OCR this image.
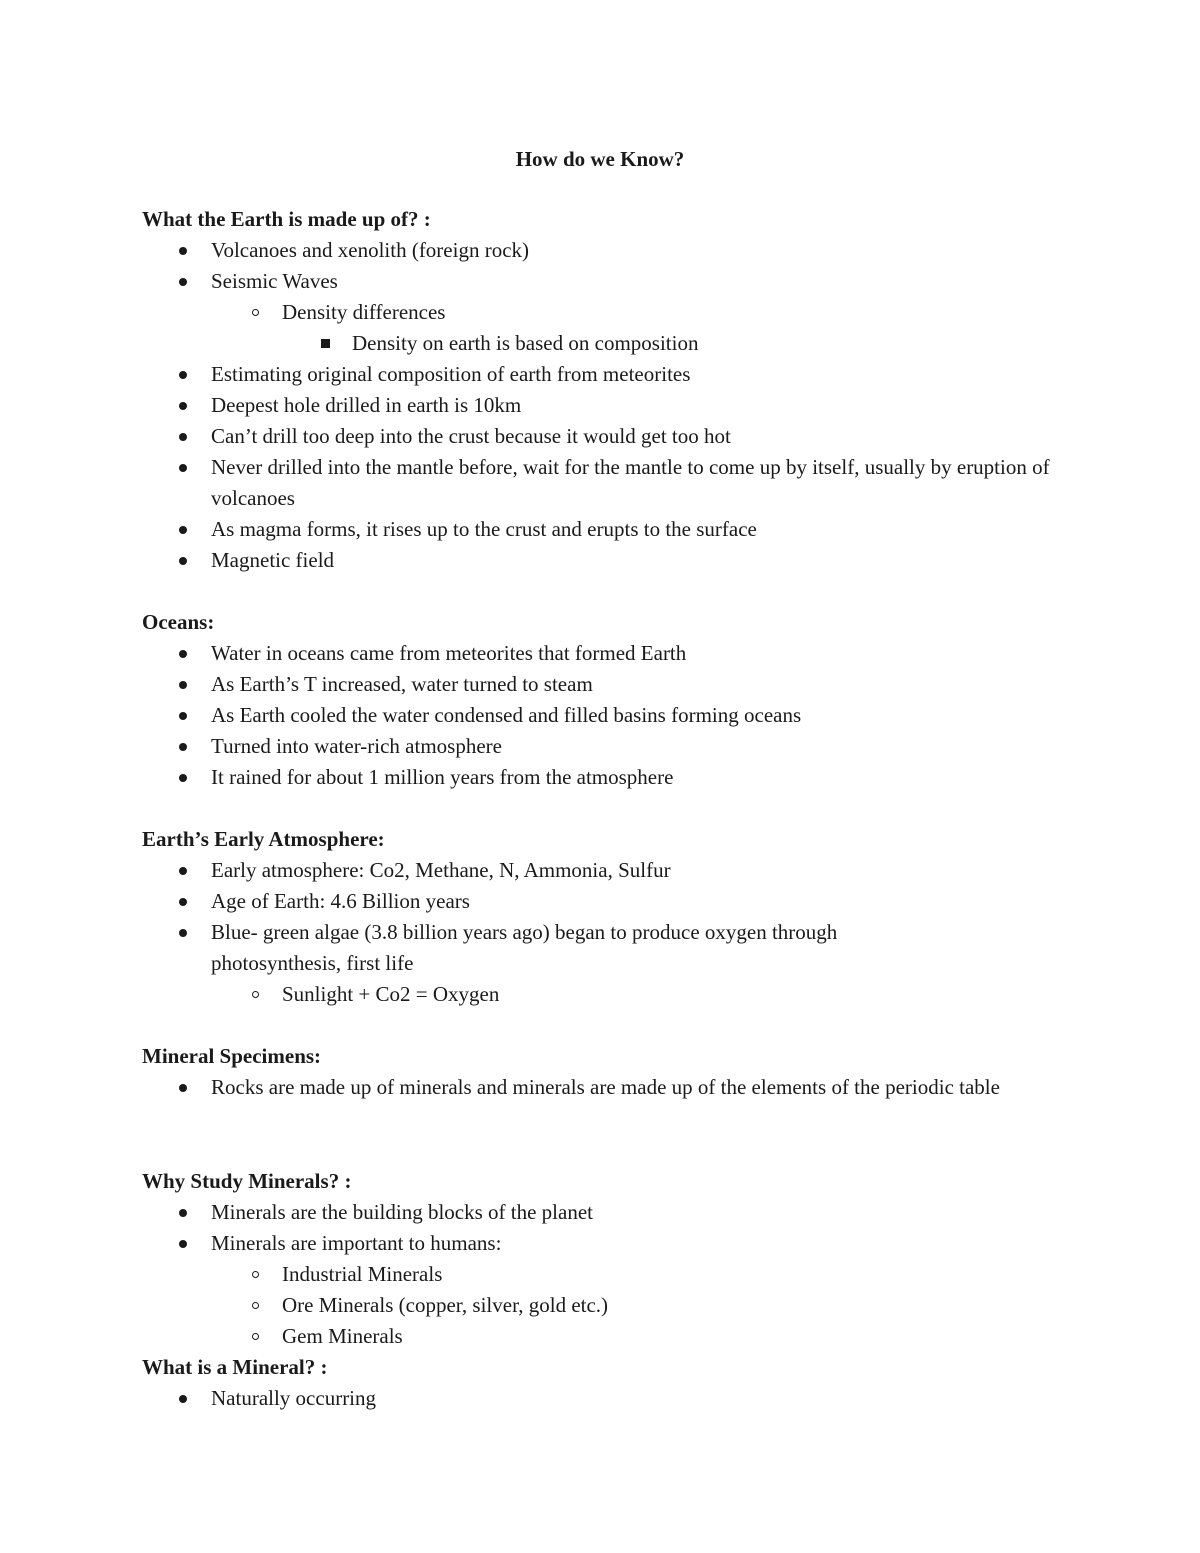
How do we Know?
What the Earth is made up of? :
Volcanoes and xenolith (foreign rock)
Seismic Waves
Density differences
Density on earth is based on composition
Estimating original composition of earth from meteorites
Deepest hole drilled in earth is 10km
Can’t drill too deep into the crust because it would get too hot
Never drilled into the mantle before, wait for the mantle to come up by itself, usually by eruption of volcanoes
As magma forms, it rises up to the crust and erupts to the surface
Magnetic field
Oceans:
Water in oceans came from meteorites that formed Earth
As Earth’s T increased, water turned to steam
As Earth cooled the water condensed and filled basins forming oceans
Turned into water-rich atmosphere
It rained for about 1 million years from the atmosphere
Earth’s Early Atmosphere:
Early atmosphere: Co2, Methane, N, Ammonia, Sulfur
Age of Earth: 4.6 Billion years
Blue- green algae (3.8 billion years ago) began to produce oxygen through photosynthesis, first life
Sunlight + Co2 = Oxygen
Mineral Specimens:
Rocks are made up of minerals and minerals are made up of the elements of the periodic table
Why Study Minerals? :
Minerals are the building blocks of the planet
Minerals are important to humans:
Industrial Minerals
Ore Minerals (copper, silver, gold etc.)
Gem Minerals
What is a Mineral? :
Naturally occurring
